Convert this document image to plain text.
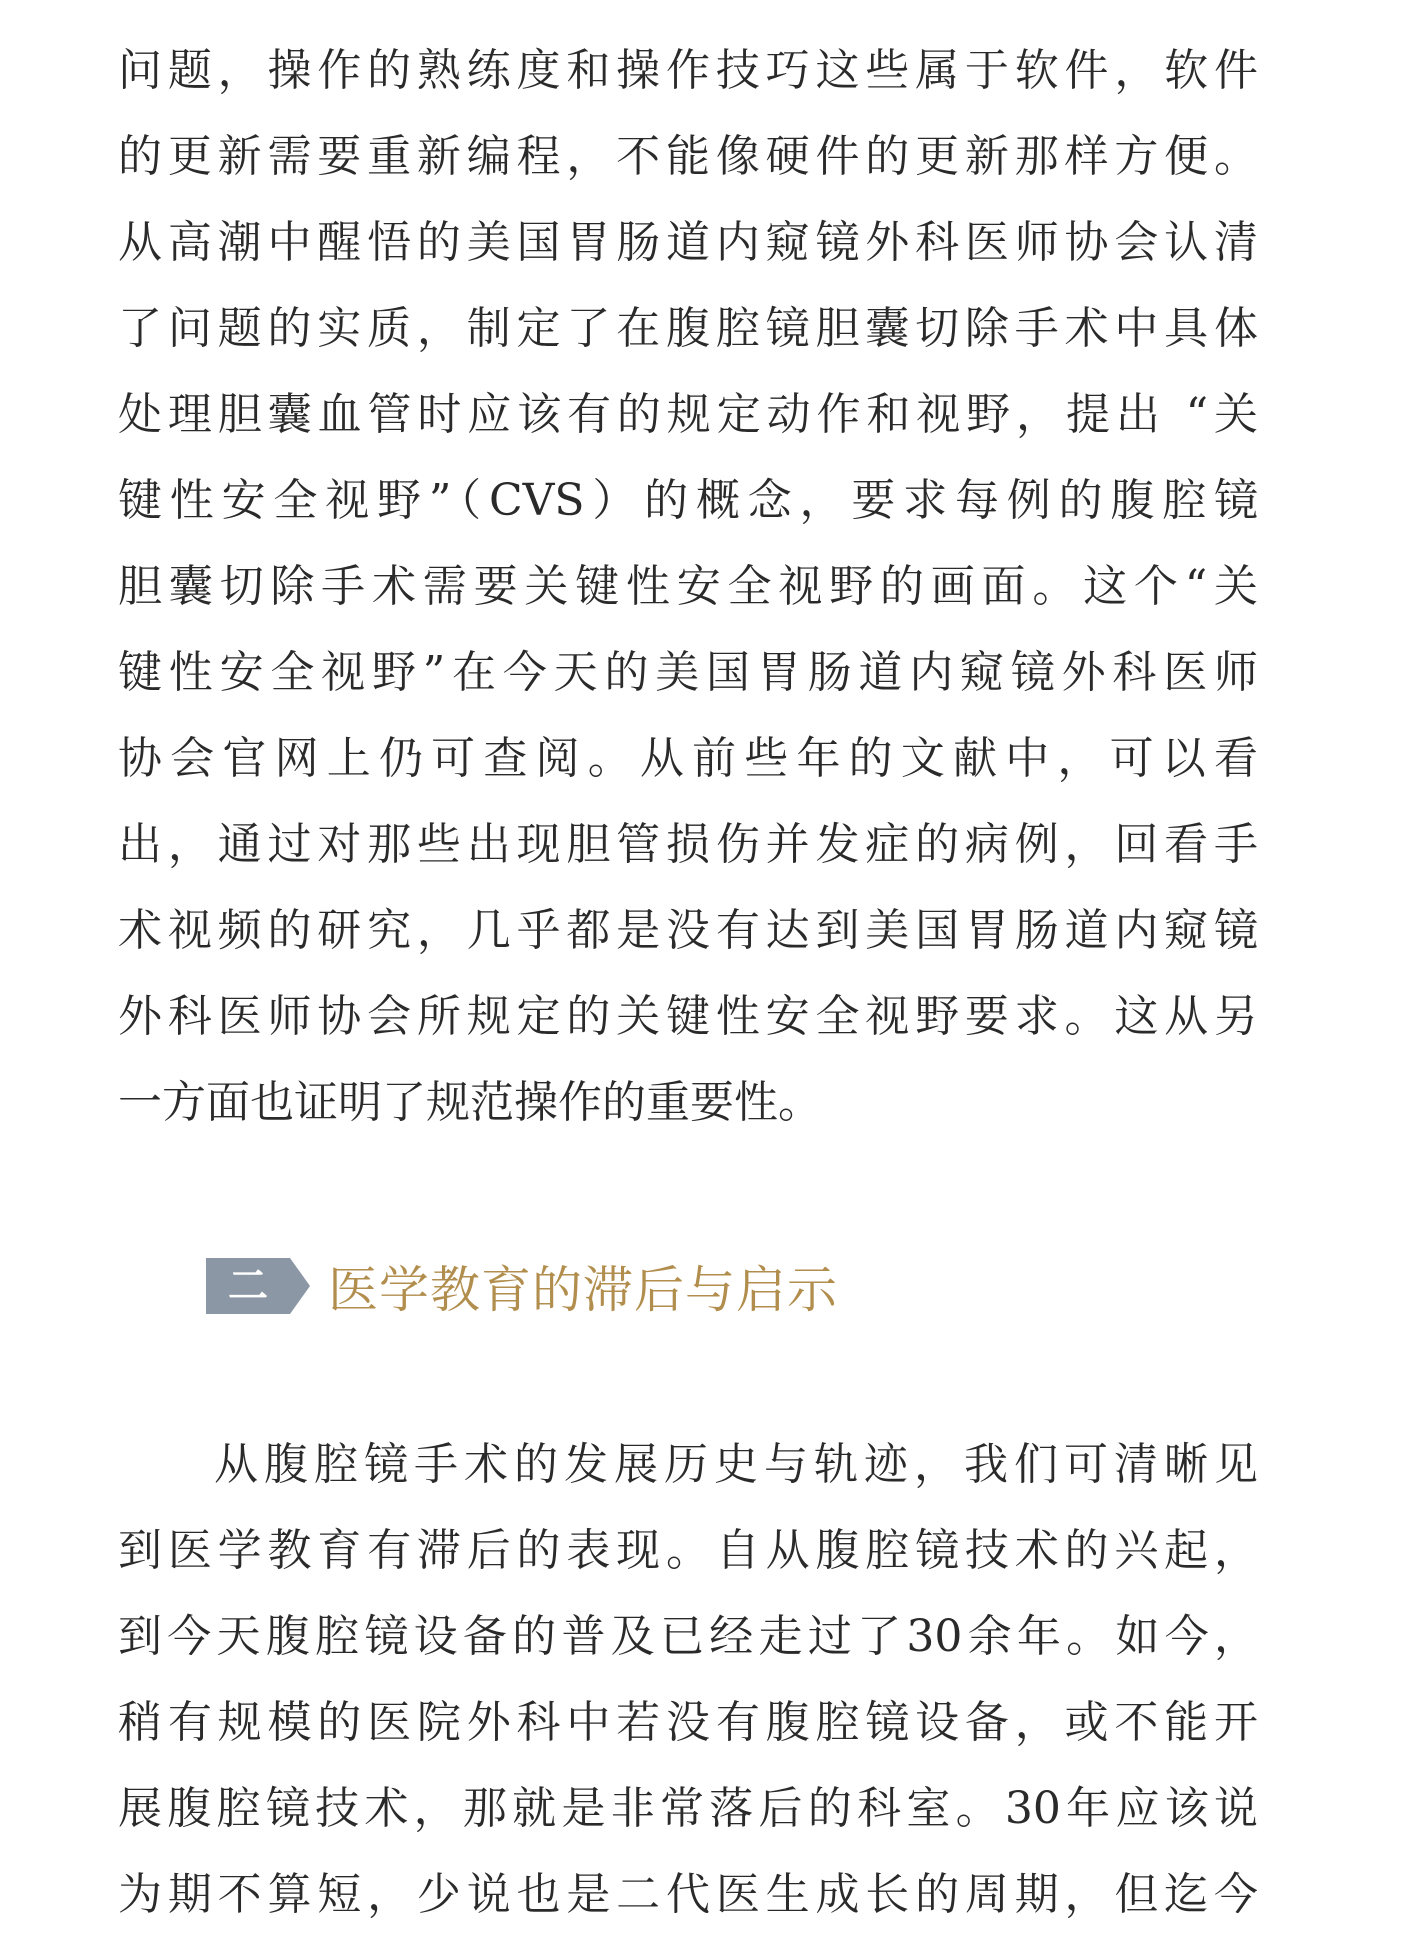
问题，操作的熟练度和操作技巧这些属于软件，软件
的更新需要重新编程，不能像硬件的更新那样方便。
从高潮中醒悟的美国胃肠道内窥镜外科医师协会认清
了问题的实质，制定了在腹腔镜胆囊切除手术中具体
处理胆囊血管时应该有的规定动作和视野，提出 “关
键性安全视野”（CVS）的概念，要求每例的腹腔镜
胆囊切除手术需要关键性安全视野的画面。这个“关
键性安全视野”在今天的美国胃肠道内窥镜外科医师
协会官网上仍可查阅。从前些年的文献中，可以看
出，通过对那些出现胆管损伤并发症的病例，回看手
术视频的研究，几乎都是没有达到美国胃肠道内窥镜
外科医师协会所规定的关键性安全视野要求。这从另
一方面也证明了规范操作的重要性。
二	医学教育的滞后与启示
从腹腔镜手术的发展历史与轨迹，我们可清晰见
到医学教育有滞后的表现。自从腹腔镜技术的兴起，
到今天腹腔镜设备的普及已经走过了30余年。如今，
稍有规模的医院外科中若没有腹腔镜设备，或不能开
展腹腔镜技术，那就是非常落后的科室。30年应该说
为期不算短，少说也是二代医生成长的周期，但迄今
